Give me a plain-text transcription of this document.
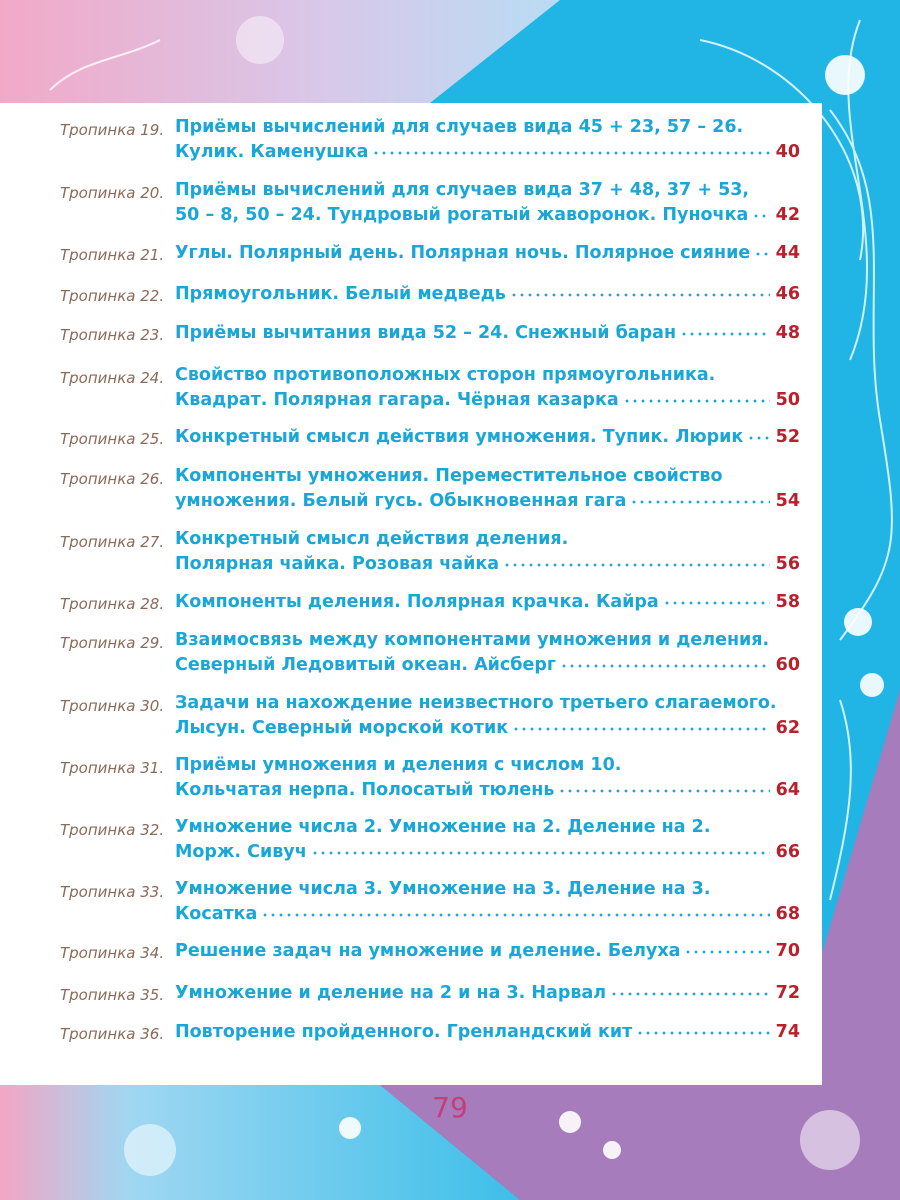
Тропинка 19. Приёмы вычислений для случаев вида 45 + 23, 57 – 26.
Кулик. Каменушка	40
Тропинка 20. Приёмы вычислений для случаев вида 37 + 48, 37 + 53,
50 – 8, 50 – 24. Тундровый рогатый жаворонок. Пуночка 42
Тропинка 21. Углы. Полярный день. Полярная ночь. Полярное сияние 44
Тропинка 22. Прямоугольник. Белый медведь	46
Тропинка 23. Приёмы вычитания вида 52 – 24. Снежный баран	48
Тропинка 24. Свойство противоположных сторон прямоугольника.
Квадрат. Полярная гагара. Чёрная казарка	50
Тропинка 25. Конкретный смысл действия умножения. Тупик. Люрик 52
Тропинка 26. Компоненты умножения. Переместительное свойство
умножения. Белый гусь. Обыкновенная гага	54
Тропинка 27. Конкретный смысл действия деления.
Полярная чайка. Розовая чайка	56
Тропинка 28. Компоненты деления. Полярная крачка. Кайра	58
Тропинка 29. Взаимосвязь между компонентами умножения и деления.
Северный Ледовитый океан. Айсберг	60
Тропинка 30. Задачи на нахождение неизвестного третьего слагаемого.
Лысун. Северный морской котик	62
Тропинка 31. Приёмы умножения и деления с числом 10.
Кольчатая нерпа. Полосатый тюлень	64
Тропинка 32. Умножение числа 2. Умножение на 2. Деление на 2.
Морж. Сивуч	66
Тропинка 33. Умножение числа 3. Умножение на 3. Деление на 3.
Косатка	68
Тропинка 34. Решение задач на умножение и деление. Белуха	70
Тропинка 35. Умножение и деление на 2 и на 3. Нарвал	72
Тропинка 36. Повторение пройденного. Гренландский кит	74
79
